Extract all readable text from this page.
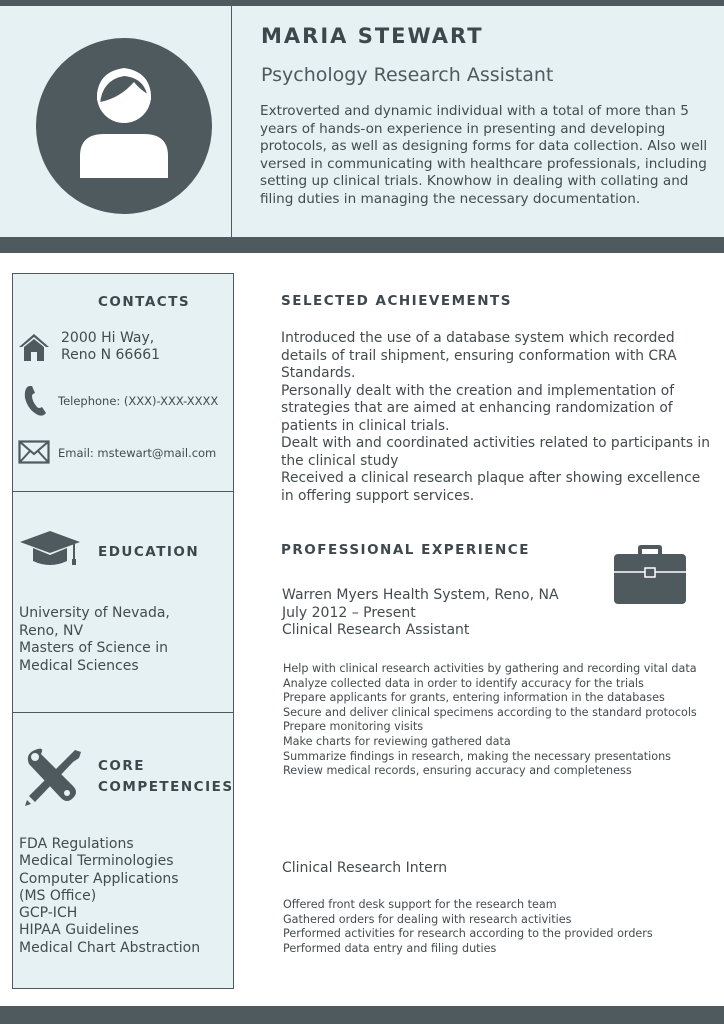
MARIA STEWART
Psychology Research Assistant
Extroverted and dynamic individual with a total of more than 5 years of hands-on experience in presenting and developing protocols, as well as designing forms for data collection. Also well versed in communicating with healthcare professionals, including setting up clinical trials. Knowhow in dealing with collating and filing duties in managing the necessary documentation.
CONTACTS
2000 Hi Way,
Reno N 66661
Telephone: (XXX)-XXX-XXXX
Email: mstewart@mail.com
EDUCATION
University of Nevada,
Reno, NV
Masters of Science in
Medical Sciences
CORE
COMPETENCIES
FDA Regulations
Medical Terminologies
Computer Applications
(MS Office)
GCP-ICH
HIPAA Guidelines
Medical Chart Abstraction
SELECTED ACHIEVEMENTS
Introduced the use of a database system which recorded details of trail shipment, ensuring conformation with CRA Standards.
Personally dealt with the creation and implementation of strategies that are aimed at enhancing randomization of patients in clinical trials.
Dealt with and coordinated activities related to participants in the clinical study
Received a clinical research plaque after showing excellence in offering support services.
PROFESSIONAL EXPERIENCE
Warren Myers Health System, Reno, NA
July 2012 – Present
Clinical Research Assistant
Help with clinical research activities by gathering and recording vital data
Analyze collected data in order to identify accuracy for the trials
Prepare applicants for grants, entering information in the databases
Secure and deliver clinical specimens according to the standard protocols
Prepare monitoring visits
Make charts for reviewing gathered data
Summarize findings in research, making the necessary presentations
Review medical records, ensuring accuracy and completeness
Clinical Research Intern
Offered front desk support for the research team
Gathered orders for dealing with research activities
Performed activities for research according to the provided orders
Performed data entry and filing duties
